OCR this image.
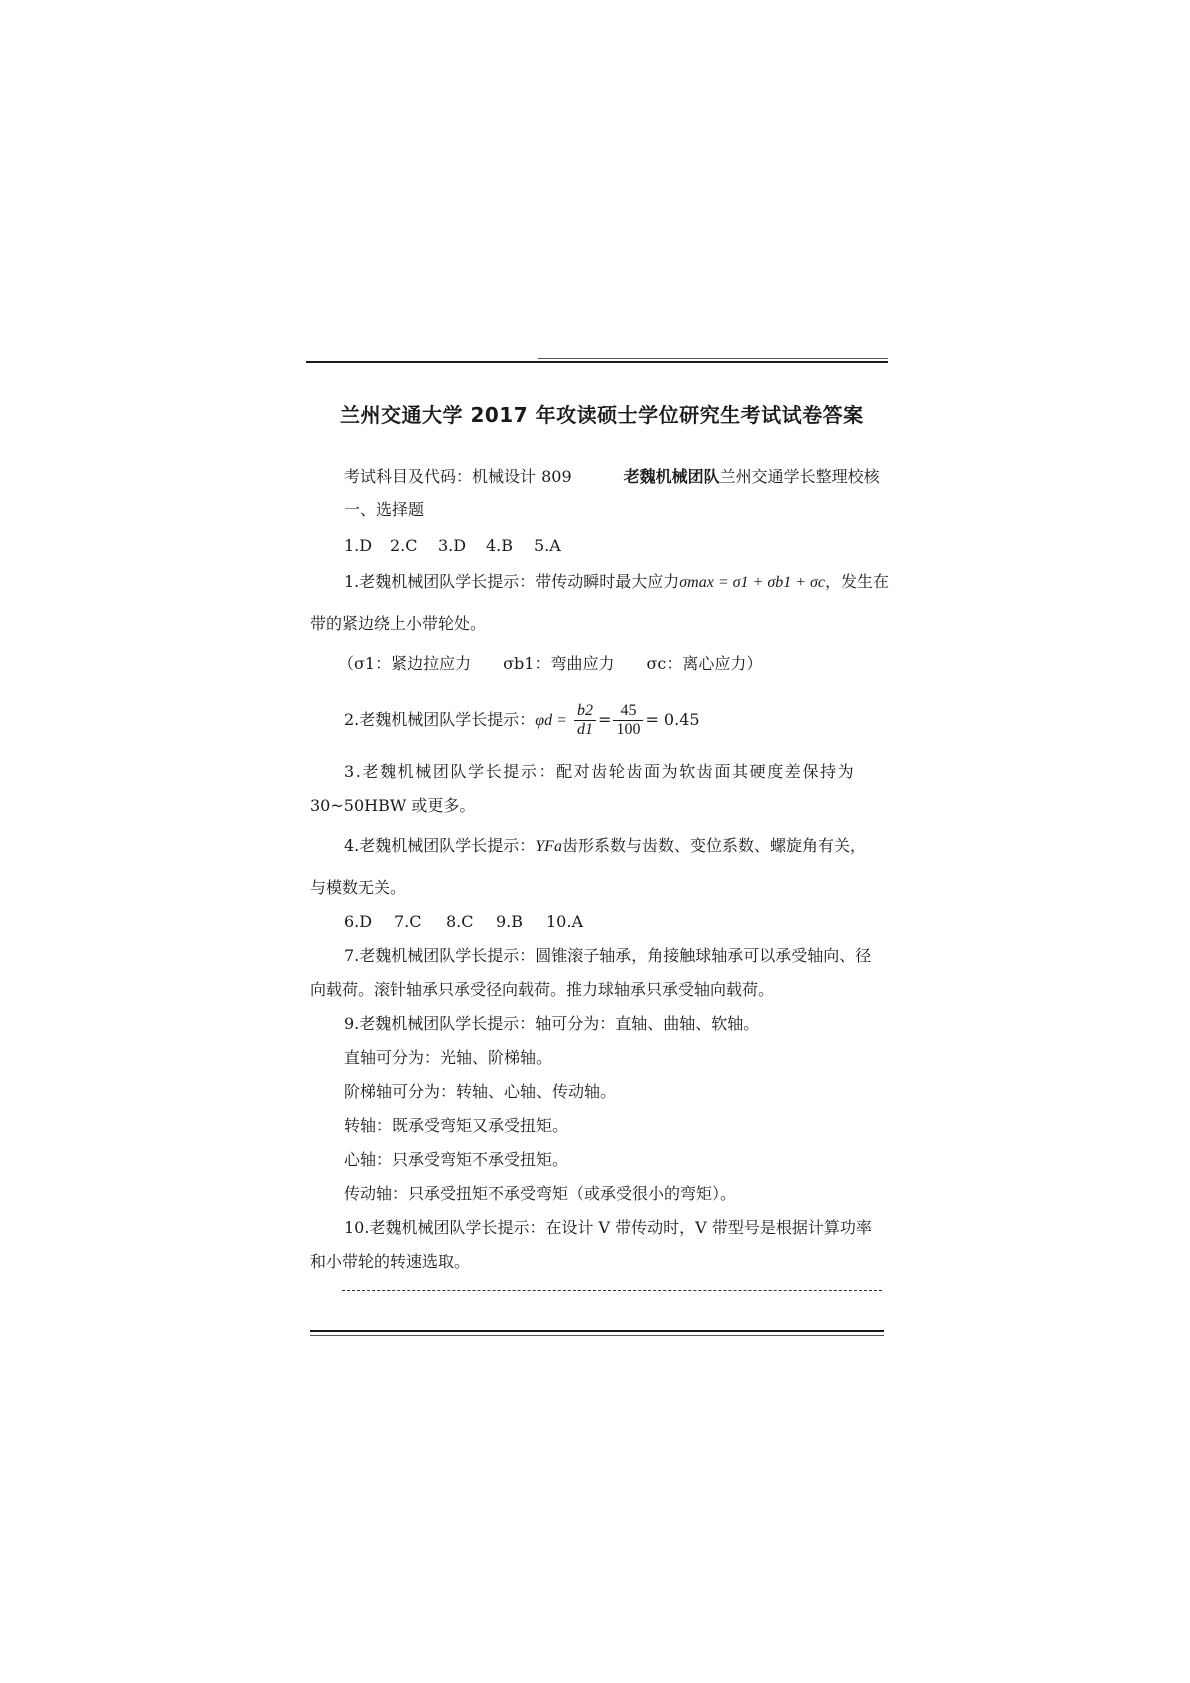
兰州交通大学 2017 年攻读硕士学位研究生考试试卷答案
考试科目及代码：机械设计 809	老魏机械团队兰州交通学长整理校核
一、选择题
1.D 2.C 3.D 4.B 5.A
1.老魏机械团队学长提示：带传动瞬时最大应力σmax = σ1 + σb1 + σc，发生在
带的紧边绕上小带轮处。
（σ1：紧边拉应力　　σb1：弯曲应力　　σc：离心应力）
2.老魏机械团队学长提示：$\varphi d = \frac{b2}{d1} = \frac{45}{100} = 0.45$
3.老魏机械团队学长提示：配对齿轮齿面为软齿面其硬度差保持为
30~50HBW 或更多。
4.老魏机械团队学长提示：YFa齿形系数与齿数、变位系数、螺旋角有关，
与模数无关。
6.D 7.C 8.C 9.B 10.A
7.老魏机械团队学长提示：圆锥滚子轴承，角接触球轴承可以承受轴向、径
向载荷。滚针轴承只承受径向载荷。推力球轴承只承受轴向载荷。
9.老魏机械团队学长提示：轴可分为：直轴、曲轴、软轴。
直轴可分为：光轴、阶梯轴。
阶梯轴可分为：转轴、心轴、传动轴。
转轴：既承受弯矩又承受扭矩。
心轴：只承受弯矩不承受扭矩。
传动轴：只承受扭矩不承受弯矩（或承受很小的弯矩）。
10.老魏机械团队学长提示：在设计 V 带传动时，V 带型号是根据计算功率
和小带轮的转速选取。
